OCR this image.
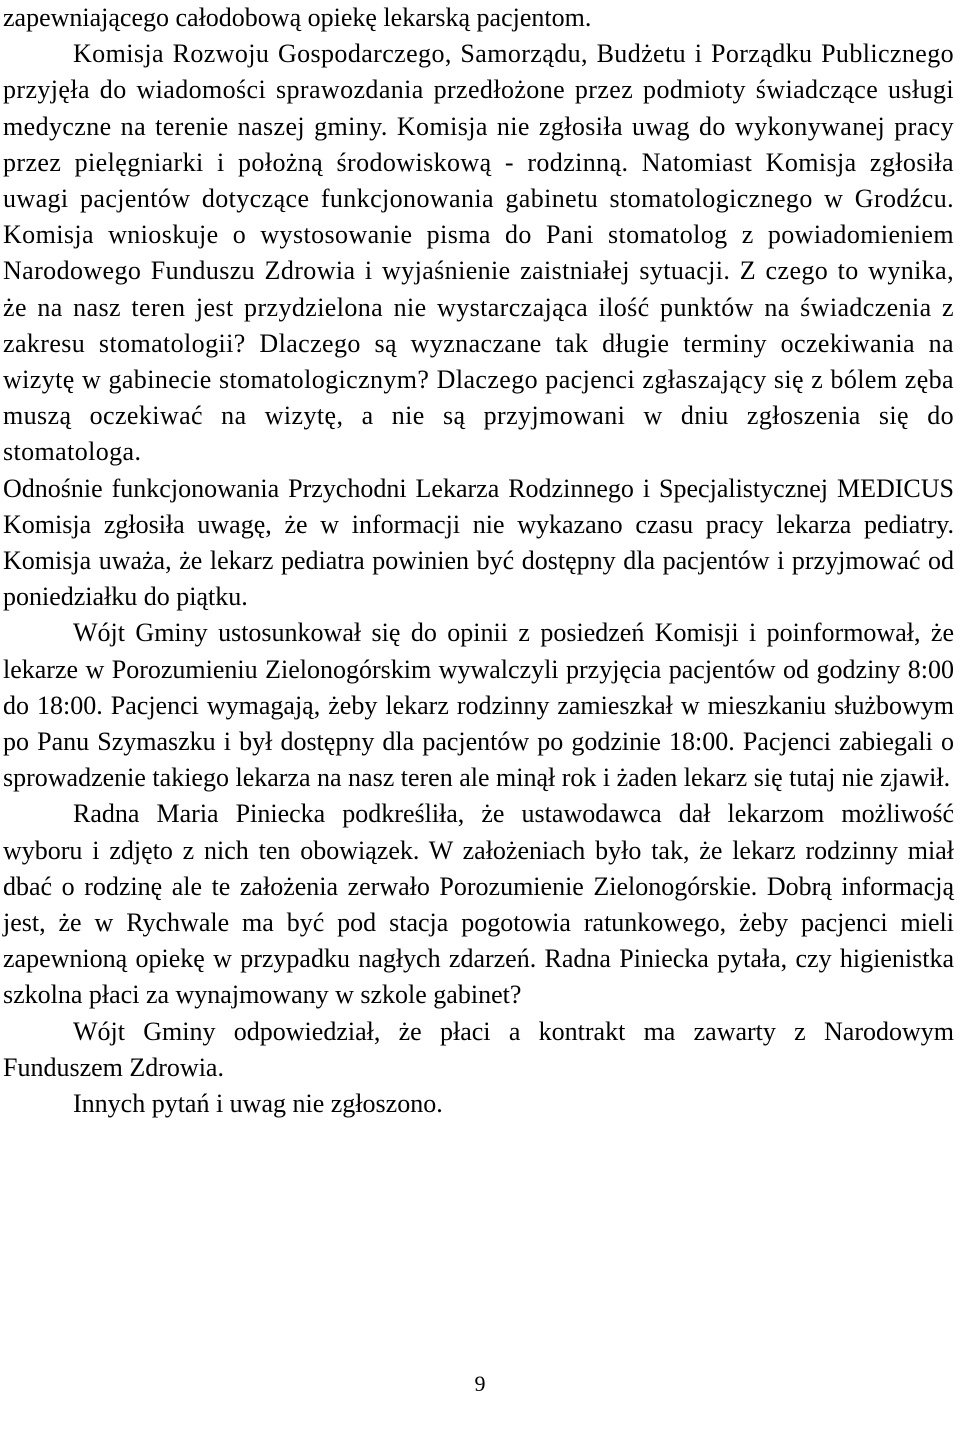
zapewniającego całodobową opiekę lekarską pacjentom.

Komisja Rozwoju Gospodarczego, Samorządu, Budżetu i Porządku Publicznego przyjęła do wiadomości sprawozdania przedłożone przez podmioty świadczące usługi medyczne na terenie naszej gminy. Komisja nie zgłosiła uwag do wykonywanej pracy przez pielęgniarki i położną środowiskową - rodzinną. Natomiast Komisja zgłosiła uwagi pacjentów dotyczące funkcjonowania gabinetu stomatologicznego w Grodźcu. Komisja wnioskuje o wystosowanie pisma do Pani stomatolog z powiadomieniem Narodowego Funduszu Zdrowia i wyjaśnienie zaistniałej sytuacji. Z czego to wynika, że na nasz teren jest przydzielona nie wystarczająca ilość punktów na świadczenia z zakresu stomatologii? Dlaczego są wyznaczane tak długie terminy oczekiwania na wizytę w gabinecie stomatologicznym? Dlaczego pacjenci zgłaszający się z bólem zęba muszą oczekiwać na wizytę, a nie są przyjmowani w dniu zgłoszenia się do stomatologa.

Odnośnie funkcjonowania Przychodni Lekarza Rodzinnego i Specjalistycznej MEDICUS Komisja zgłosiła uwagę, że w informacji nie wykazano czasu pracy lekarza pediatry. Komisja uważa, że lekarz pediatra powinien być dostępny dla pacjentów i przyjmować od poniedziałku do piątku.

Wójt Gminy ustosunkował się do opinii z posiedzeń Komisji i poinformował, że lekarze w Porozumieniu Zielonogórskim wywalczyli przyjęcia pacjentów od godziny 8:00 do 18:00. Pacjenci wymagają, żeby lekarz rodzinny zamieszkał w mieszkaniu służbowym po Panu Szymaszku i był dostępny dla pacjentów po godzinie 18:00. Pacjenci zabiegali o sprowadzenie takiego lekarza na nasz teren ale minął rok i żaden lekarz się tutaj nie zjawił.

Radna Maria Piniecka podkreśliła, że ustawodawca dał lekarzom możliwość wyboru i zdjęto z nich ten obowiązek. W założeniach było tak, że lekarz rodzinny miał dbać o rodzinę ale te założenia zerwało Porozumienie Zielonogórskie. Dobrą informacją jest, że w Rychwale ma być pod stacja pogotowia ratunkowego, żeby pacjenci mieli zapewnioną opiekę w przypadku nagłych zdarzeń. Radna Piniecka pytała, czy higienistka szkolna płaci za wynajmowany w szkole gabinet?

Wójt Gminy odpowiedział, że płaci a kontrakt ma zawarty z Narodowym Funduszem Zdrowia.

Innych pytań i uwag nie zgłoszono.

9
